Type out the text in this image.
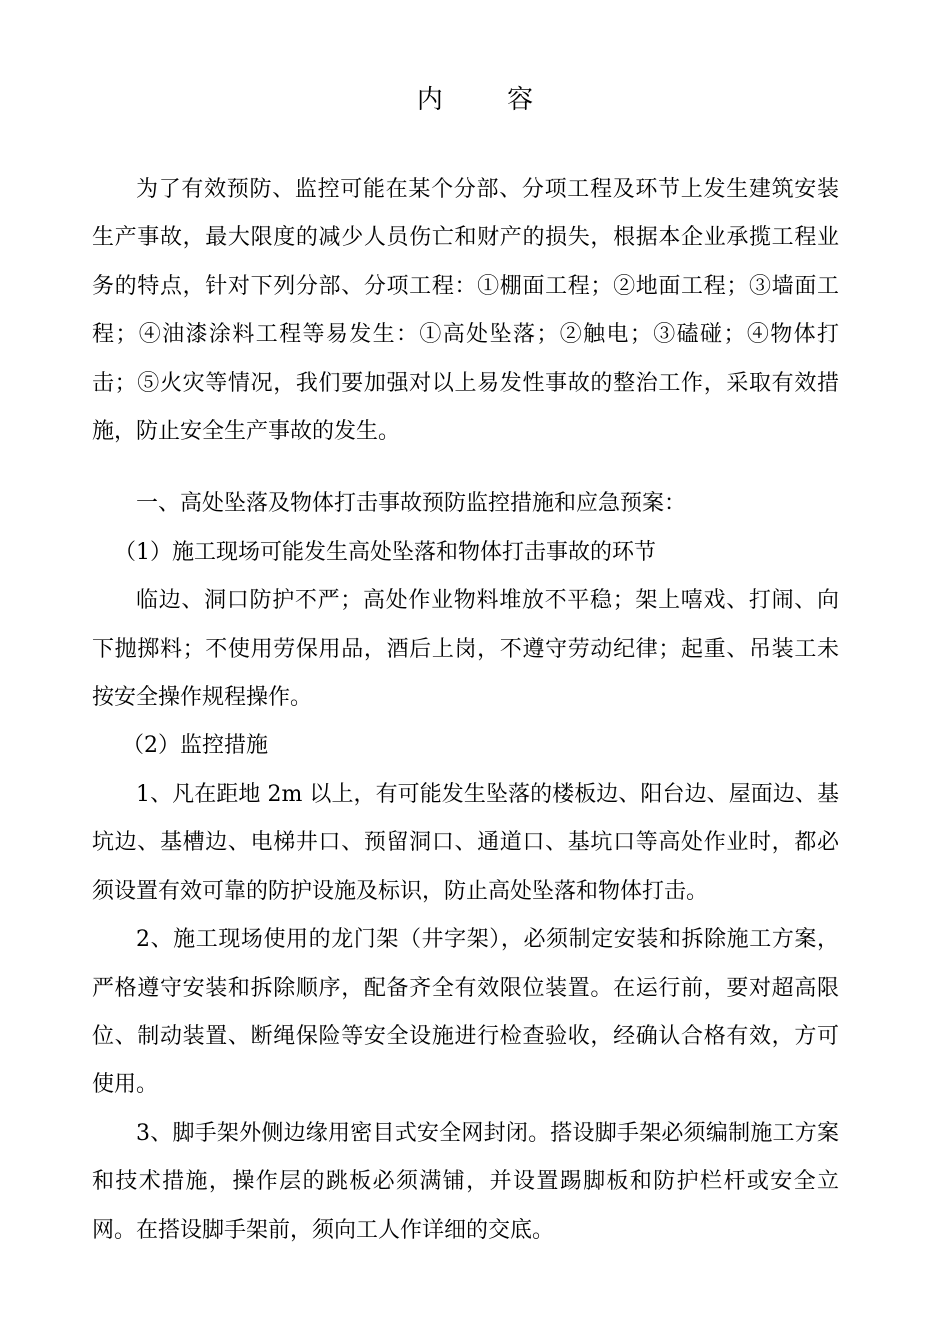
内 容

为了有效预防、监控可能在某个分部、分项工程及环节上发生建筑安装生产事故，最大限度的减少人员伤亡和财产的损失，根据本企业承揽工程业务的特点，针对下列分部、分项工程：①棚面工程；②地面工程；③墙面工程；④油漆涂料工程等易发生：①高处坠落；②触电；③磕碰；④物体打击；⑤火灾等情况，我们要加强对以上易发性事故的整治工作，采取有效措施，防止安全生产事故的发生。

一、高处坠落及物体打击事故预防监控措施和应急预案：

（1）施工现场可能发生高处坠落和物体打击事故的环节

临边、洞口防护不严；高处作业物料堆放不平稳；架上嘻戏、打闹、向下抛掷料；不使用劳保用品，酒后上岗，不遵守劳动纪律；起重、吊装工未按安全操作规程操作。

（2）监控措施

1、凡在距地 2m 以上，有可能发生坠落的楼板边、阳台边、屋面边、基坑边、基槽边、电梯井口、预留洞口、通道口、基坑口等高处作业时，都必须设置有效可靠的防护设施及标识，防止高处坠落和物体打击。

2、施工现场使用的龙门架（井字架），必须制定安装和拆除施工方案，严格遵守安装和拆除顺序，配备齐全有效限位装置。在运行前，要对超高限位、制动装置、断绳保险等安全设施进行检查验收，经确认合格有效，方可使用。

3、脚手架外侧边缘用密目式安全网封闭。搭设脚手架必须编制施工方案和技术措施，操作层的跳板必须满铺，并设置踢脚板和防护栏杆或安全立网。在搭设脚手架前，须向工人作详细的交底。
